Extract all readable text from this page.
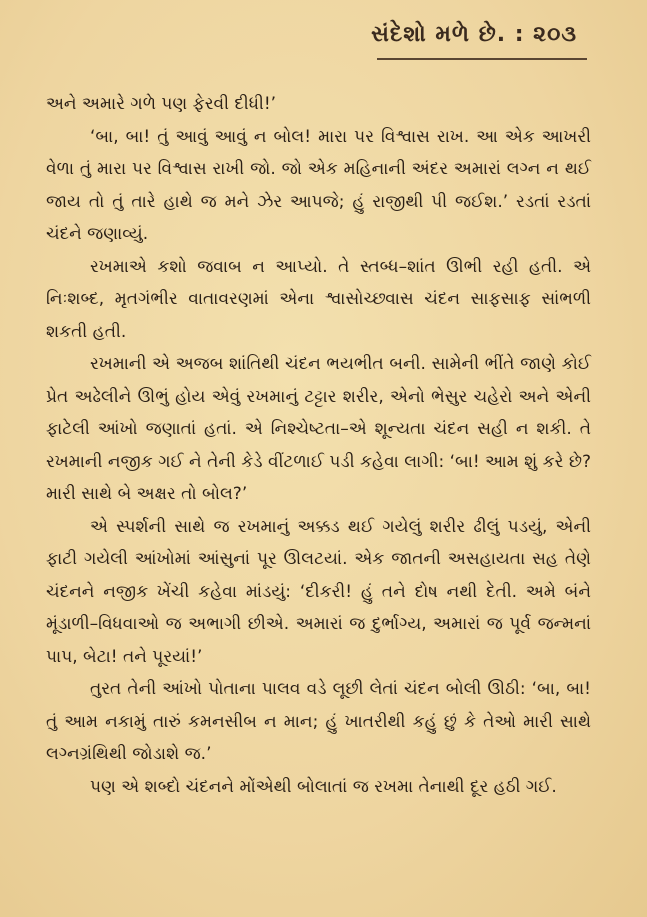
સંદેશો મળે છે. : ૨૦૩

અને અમારે ગળે પણ ફેરવી દીધી!’

‘બા, બા! તું આવું આવું ન બોલ! મારા પર વિશ્વાસ રાખ. આ એક આખરી વેળા તું મારા પર વિશ્વાસ રાખી જો. જો એક મહિનાની અંદર અમારાં લગ્ન ન થઈ જાય તો તું તારે હાથે જ મને ઝેર આપજે; હું રાજીથી પી જઈશ.’ રડતાં રડતાં ચંદને જણાવ્યું.

રખમાએ કશો જવાબ ન આપ્યો. તે સ્તબ્ધ–શાંત ઊભી રહી હતી. એ નિઃશબ્દ, મૃતગંભીર વાતાવરણમાં એના શ્વાસોચ્છ્વાસ ચંદન સાફસાફ સાંભળી શકતી હતી.

રખમાની એ અજબ શાંતિથી ચંદન ભયભીત બની. સામેની ભીંતે જાણે કોઈ પ્રેત અઢેલીને ઊભું હોય એવું રખમાનું ટટ્ટાર શરીર, એનો ભેસુર ચહેરો અને એની ફાટેલી આંખો જણાતાં હતાં. એ નિશ્ચેષ્ટતા–એ શૂન્યતા ચંદન સહી ન શકી. તે રખમાની નજીક ગઈ ને તેની કેડે વીંટળાઈ પડી કહેવા લાગી: ‘બા! આમ શું કરે છે? મારી સાથે બે અક્ષર તો બોલ?’

એ સ્પર્શની સાથે જ રખમાનું અક્કડ થઈ ગયેલું શરીર ઢીલું પડયું, એની ફાટી ગયેલી આંખોમાં આંસુનાં પૂર ઊલટયાં. એક જાતની અસહાયતા સહ તેણે ચંદનને નજીક ખેંચી કહેવા માંડયું: ‘દીકરી! હું તને દોષ નથી દેતી. અમે બંને મૂંડાળી–વિધવાઓ જ અભાગી છીએ. અમારાં જ દુર્ભાગ્ય, અમારાં જ પૂર્વ જન્મનાં પાપ, બેટા! તને પૂરયાં!’

તુરત તેની આંખો પોતાના પાલવ વડે લૂછી લેતાં ચંદન બોલી ઊઠી: ‘બા, બા! તું આમ નકામું તારું કમનસીબ ન માન; હું ખાતરીથી કહું છું કે તેઓ મારી સાથે લગ્નગ્રંથિથી જોડાશે જ.’

પણ એ શબ્દો ચંદનને મોંએથી બોલાતાં જ રખમા તેનાથી દૂર હઠી ગઈ.
